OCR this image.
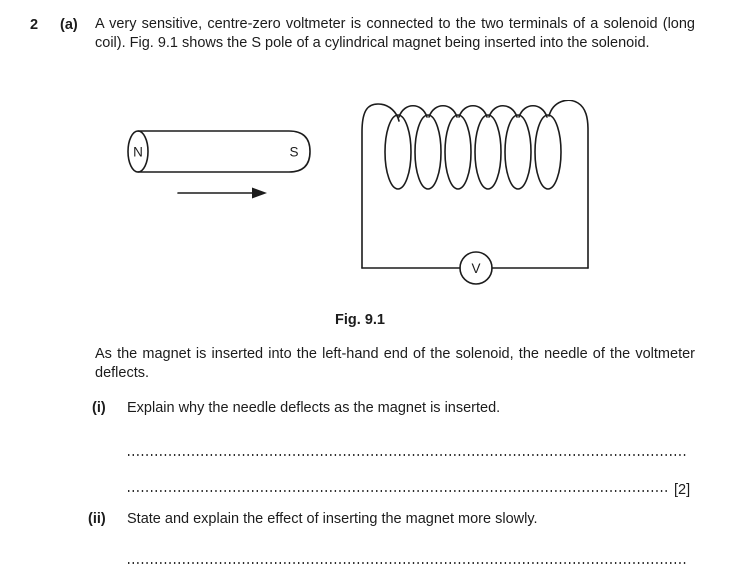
2 (a) A very sensitive, centre-zero voltmeter is connected to the two terminals of a solenoid (long coil). Fig. 9.1 shows the S pole of a cylindrical magnet being inserted into the solenoid.
N	S
V
Fig. 9.1
As the magnet is inserted into the left-hand end of the solenoid, the needle of the voltmeter deflects.
(i) Explain why the needle deflects as the magnet is inserted.
[2]
(ii) State and explain the effect of inserting the magnet more slowly.
